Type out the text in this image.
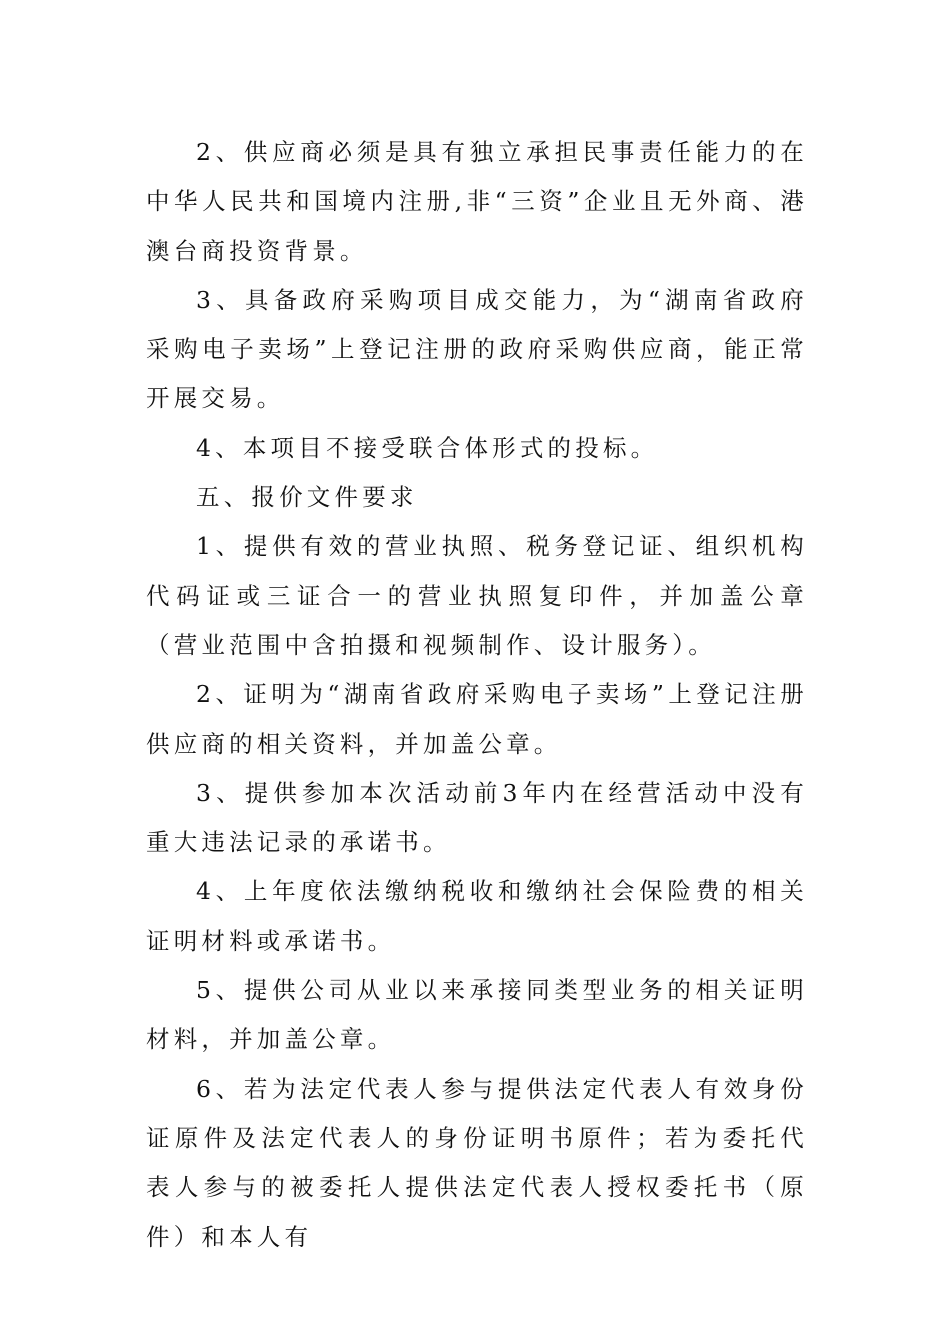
2、供应商必须是具有独立承担民事责任能力的在中华人民共和国境内注册,非“三资”企业且无外商、港澳台商投资背景。

3、具备政府采购项目成交能力，为“湖南省政府采购电子卖场”上登记注册的政府采购供应商，能正常开展交易。

4、本项目不接受联合体形式的投标。

五、报价文件要求

1、提供有效的营业执照、税务登记证、组织机构代码证或三证合一的营业执照复印件，并加盖公章（营业范围中含拍摄和视频制作、设计服务）。

2、证明为“湖南省政府采购电子卖场”上登记注册供应商的相关资料，并加盖公章。

3、提供参加本次活动前3年内在经营活动中没有重大违法记录的承诺书。

4、上年度依法缴纳税收和缴纳社会保险费的相关证明材料或承诺书。

5、提供公司从业以来承接同类型业务的相关证明材料，并加盖公章。

6、若为法定代表人参与提供法定代表人有效身份证原件及法定代表人的身份证明书原件；若为委托代表人参与的被委托人提供法定代表人授权委托书（原件）和本人有
